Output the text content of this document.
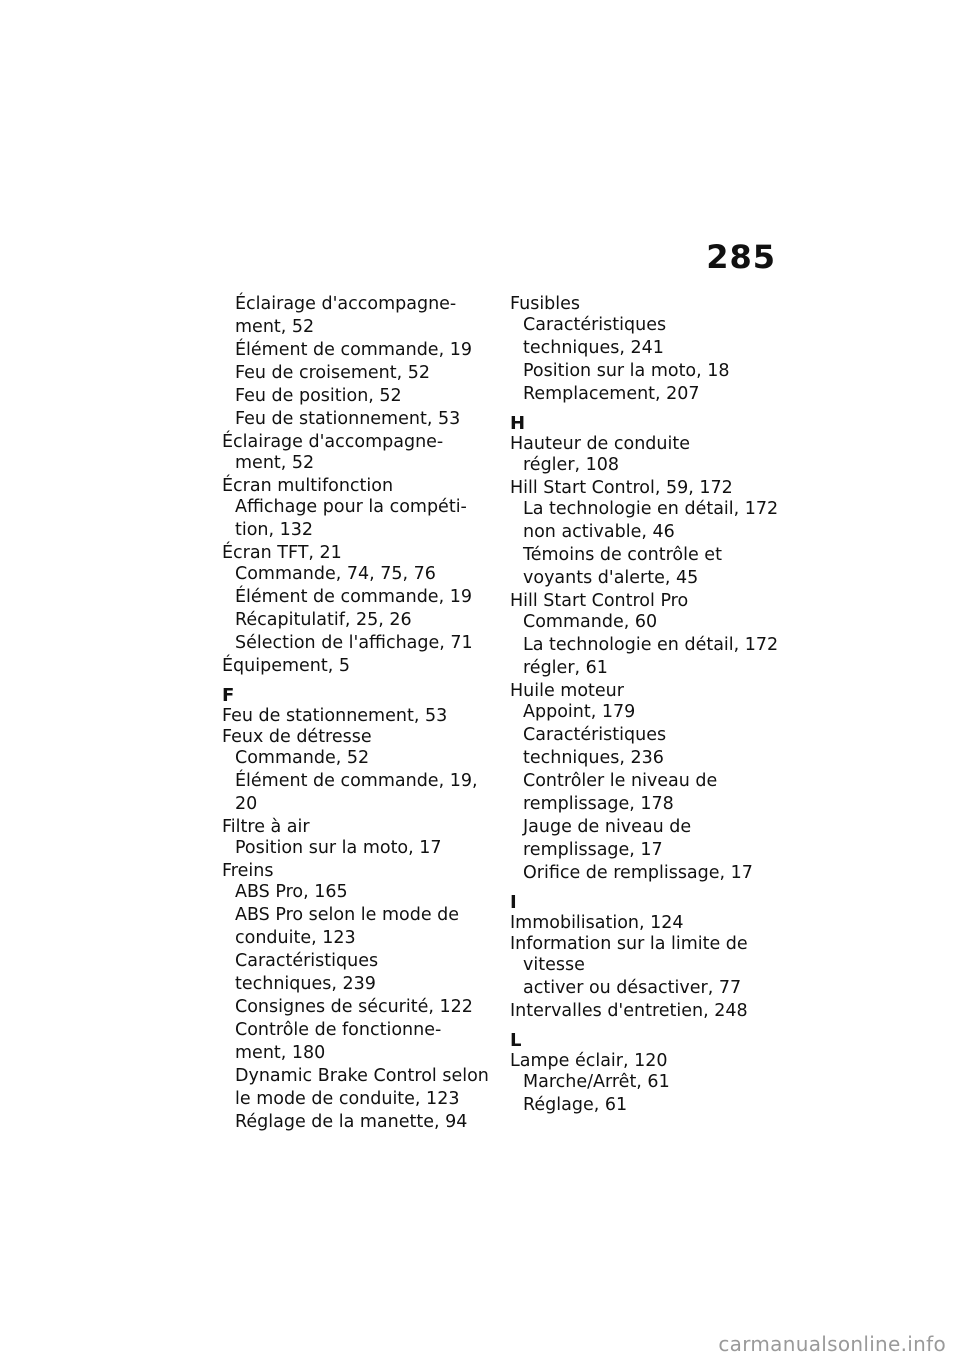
285
Éclairage d'accompagne-
ment, 52
Élément de commande, 19
Feu de croisement, 52
Feu de position, 52
Feu de stationnement, 53
Éclairage d'accompagne-
ment, 52
Écran multifonction
Affichage pour la compéti-
tion, 132
Écran TFT, 21
Commande, 74, 75, 76
Élément de commande, 19
Récapitulatif, 25, 26
Sélection de l'affichage, 71
Équipement, 5
F
Feu de stationnement, 53
Feux de détresse
Commande, 52
Élément de commande, 19,
20
Filtre à air
Position sur la moto, 17
Freins
ABS Pro, 165
ABS Pro selon le mode de
conduite, 123
Caractéristiques
techniques, 239
Consignes de sécurité, 122
Contrôle de fonctionne-
ment, 180
Dynamic Brake Control selon
le mode de conduite, 123
Réglage de la manette, 94
Fusibles
Caractéristiques
techniques, 241
Position sur la moto, 18
Remplacement, 207
H
Hauteur de conduite
régler, 108
Hill Start Control, 59, 172
La technologie en détail, 172
non activable, 46
Témoins de contrôle et
voyants d'alerte, 45
Hill Start Control Pro
Commande, 60
La technologie en détail, 172
régler, 61
Huile moteur
Appoint, 179
Caractéristiques
techniques, 236
Contrôler le niveau de
remplissage, 178
Jauge de niveau de
remplissage, 17
Orifice de remplissage, 17
I
Immobilisation, 124
Information sur la limite de
vitesse
activer ou désactiver, 77
Intervalles d'entretien, 248
L
Lampe éclair, 120
Marche/Arrêt, 61
Réglage, 61
carmanualsonline.info
